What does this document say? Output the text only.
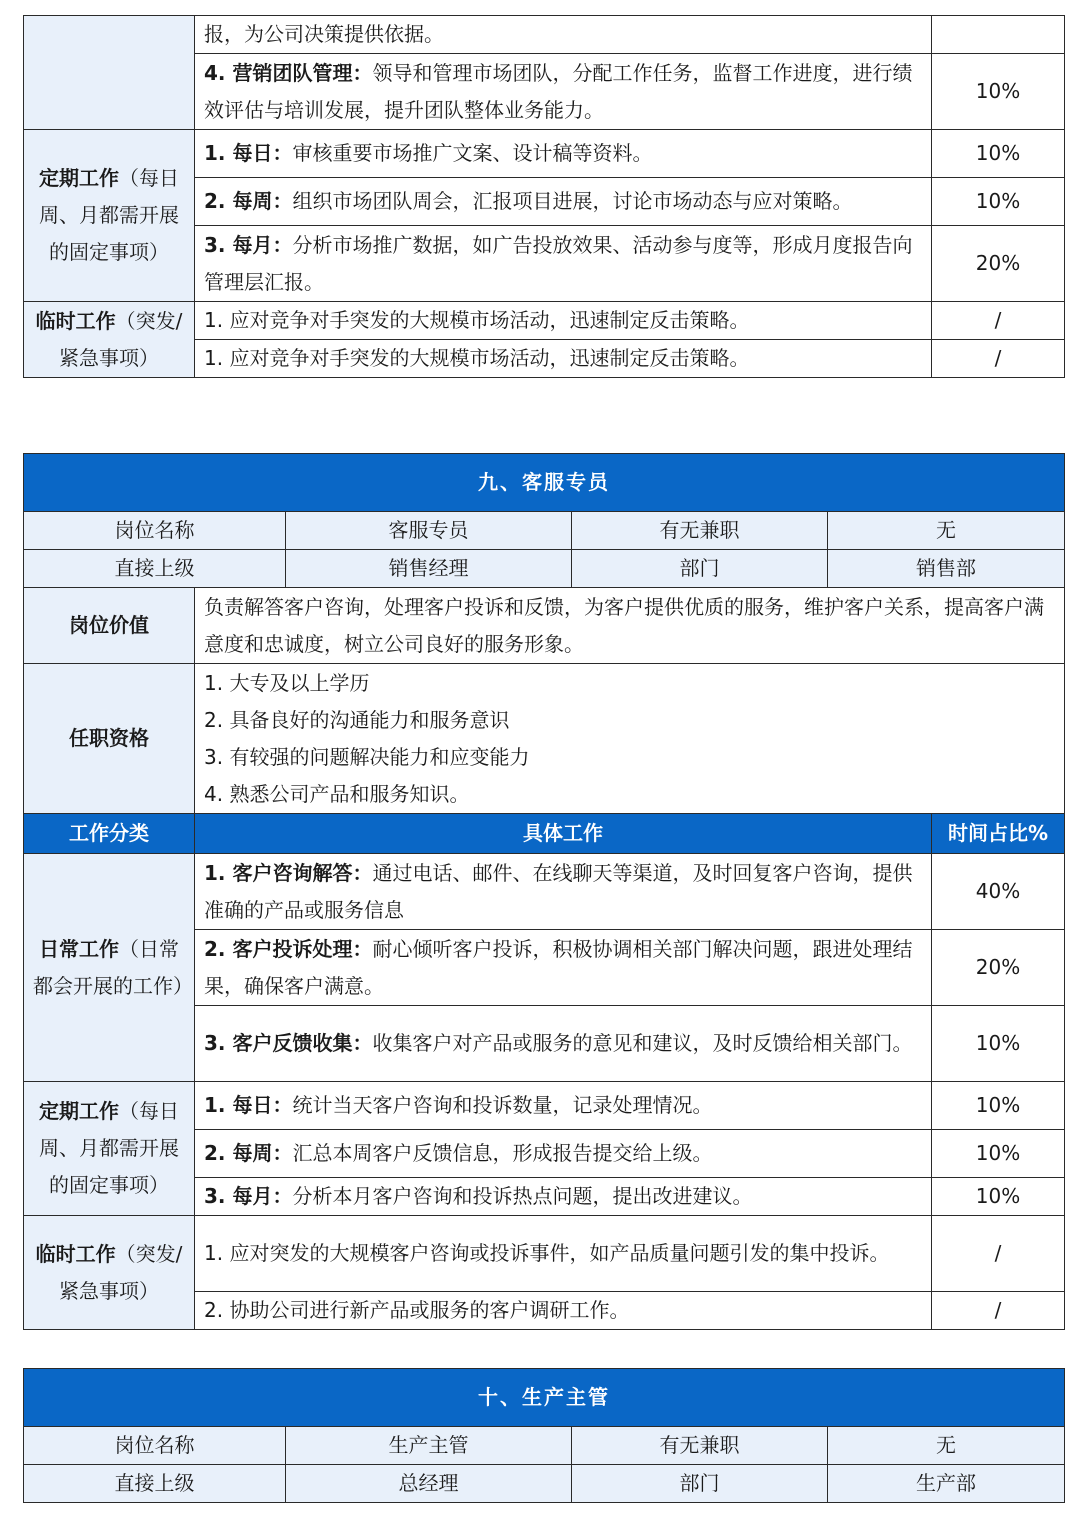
	报，为公司决策提供依据。	
	4. 营销团队管理：领导和管理市场团队，分配工作任务，监督工作进度，进行绩效评估与培训发展，提升团队整体业务能力。	10%
定期工作（每日周、月都需开展的固定事项）	1. 每日：审核重要市场推广文案、设计稿等资料。	10%
	2. 每周：组织市场团队周会，汇报项目进展，讨论市场动态与应对策略。	10%
	3. 每月：分析市场推广数据，如广告投放效果、活动参与度等，形成月度报告向管理层汇报。	20%
临时工作（突发/紧急事项）	1. 应对竞争对手突发的大规模市场活动，迅速制定反击策略。	/
	1. 应对竞争对手突发的大规模市场活动，迅速制定反击策略。	/
九、客服专员					
岗位名称		客服专员	有无兼职	无	
直接上级		销售经理	部门	销售部	
岗位价值	负责解答客户咨询，处理客户投诉和反馈，为客户提供优质的服务，维护客户关系，提高客户满意度和忠诚度，树立公司良好的服务形象。				
任职资格	1. 大专及以上学历
2. 具备良好的沟通能力和服务意识
3. 有较强的问题解决能力和应变能力
4. 熟悉公司产品和服务知识。				

工作分类	具体工作				时间占比%
日常工作（日常都会开展的工作）	1. 客户咨询解答：通过电话、邮件、在线聊天等渠道，及时回复客户咨询，提供准确的产品或服务信息				40%
	2. 客户投诉处理：耐心倾听客户投诉，积极协调相关部门解决问题，跟进处理结果，确保客户满意。				20%
	3. 客户反馈收集：收集客户对产品或服务的意见和建议，及时反馈给相关部门。				10%
定期工作（每日周、月都需开展的固定事项）	1. 每日：统计当天客户咨询和投诉数量，记录处理情况。				10%
	2. 每周：汇总本周客户反馈信息，形成报告提交给上级。				10%
	3. 每月：分析本月客户咨询和投诉热点问题，提出改进建议。				10%
临时工作（突发/紧急事项）	1. 应对突发的大规模客户咨询或投诉事件，如产品质量问题引发的集中投诉。				/
	2. 协助公司进行新产品或服务的客户调研工作。				/
十、生产主管			
岗位名称	生产主管	有无兼职	无
直接上级	总经理	部门	生产部
